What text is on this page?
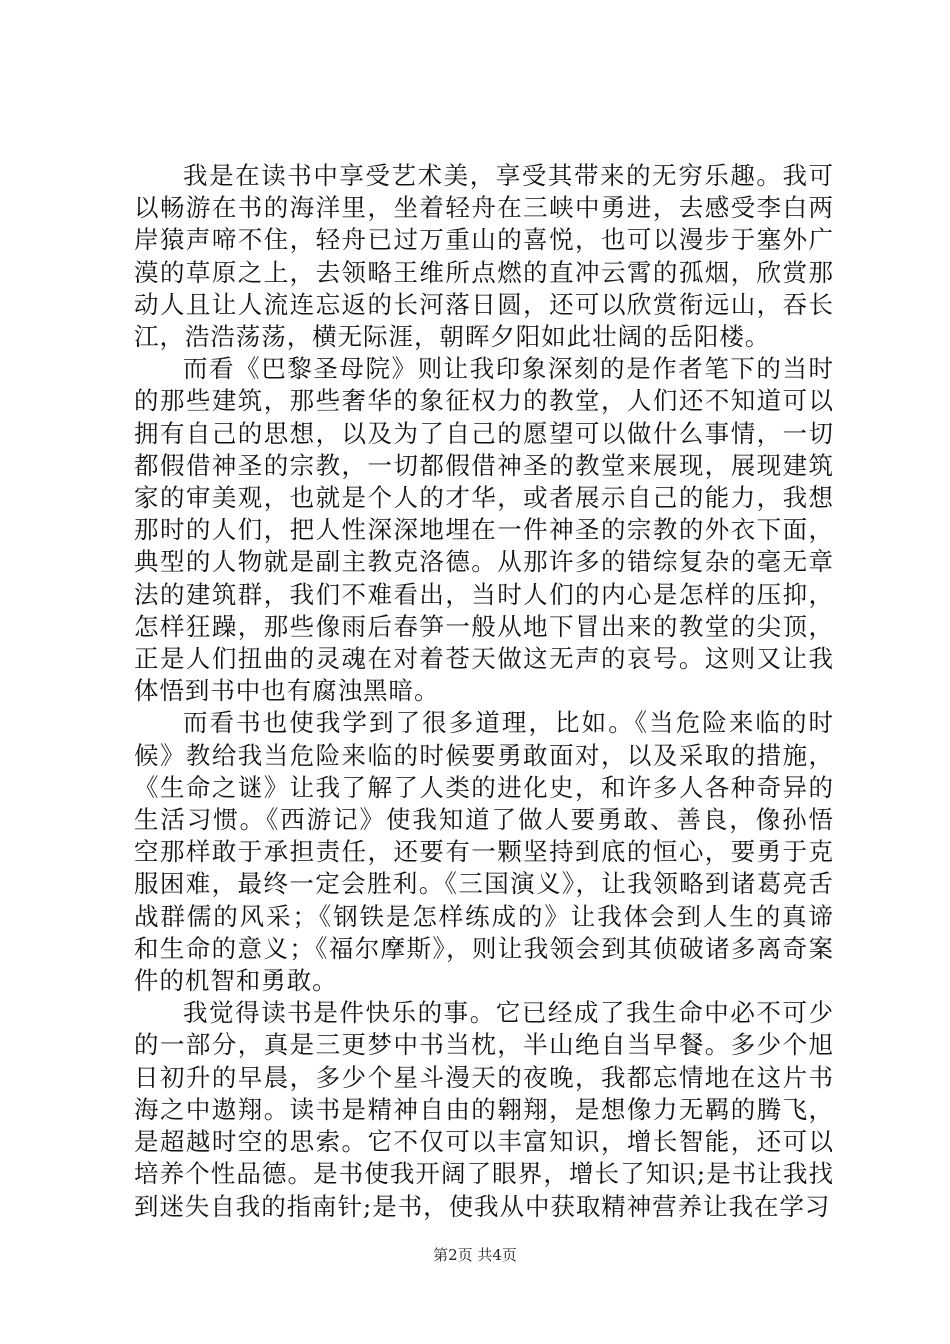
我是在读书中享受艺术美，享受其带来的无穷乐趣。我可以畅游在书的海洋里，坐着轻舟在三峡中勇进，去感受李白两岸猿声啼不住，轻舟已过万重山的喜悦，也可以漫步于塞外广漠的草原之上，去领略王维所点燃的直冲云霄的孤烟，欣赏那动人且让人流连忘返的长河落日圆，还可以欣赏衔远山，吞长江，浩浩荡荡，横无际涯，朝晖夕阳如此壮阔的岳阳楼。

而看《巴黎圣母院》则让我印象深刻的是作者笔下的当时的那些建筑，那些奢华的象征权力的教堂，人们还不知道可以拥有自己的思想，以及为了自己的愿望可以做什么事情，一切都假借神圣的宗教，一切都假借神圣的教堂来展现，展现建筑家的审美观，也就是个人的才华，或者展示自己的能力，我想那时的人们，把人性深深地埋在一件神圣的宗教的外衣下面，典型的人物就是副主教克洛德。从那许多的错综复杂的毫无章法的建筑群，我们不难看出，当时人们的内心是怎样的压抑，怎样狂躁，那些像雨后春笋一般从地下冒出来的教堂的尖顶，正是人们扭曲的灵魂在对着苍天做这无声的哀号。这则又让我体悟到书中也有腐浊黑暗。

而看书也使我学到了很多道理，比如。《当危险来临的时候》教给我当危险来临的时候要勇敢面对，以及采取的措施，《生命之谜》让我了解了人类的进化史，和许多人各种奇异的生活习惯。《西游记》使我知道了做人要勇敢、善良，像孙悟空那样敢于承担责任，还要有一颗坚持到底的恒心，要勇于克服困难，最终一定会胜利。《三国演义》，让我领略到诸葛亮舌战群儒的风采；《钢铁是怎样练成的》让我体会到人生的真谛和生命的意义；《福尔摩斯》，则让我领会到其侦破诸多离奇案件的机智和勇敢。

我觉得读书是件快乐的事。它已经成了我生命中必不可少的一部分，真是三更梦中书当枕，半山绝自当早餐。多少个旭日初升的早晨，多少个星斗漫天的夜晚，我都忘情地在这片书海之中遨翔。读书是精神自由的翱翔，是想像力无羁的腾飞，是超越时空的思索。它不仅可以丰富知识，增长智能，还可以培养个性品德。是书使我开阔了眼界，增长了知识;是书让我找到迷失自我的指南针;是书，使我从中获取精神营养让我在学习

第2页 共4页
